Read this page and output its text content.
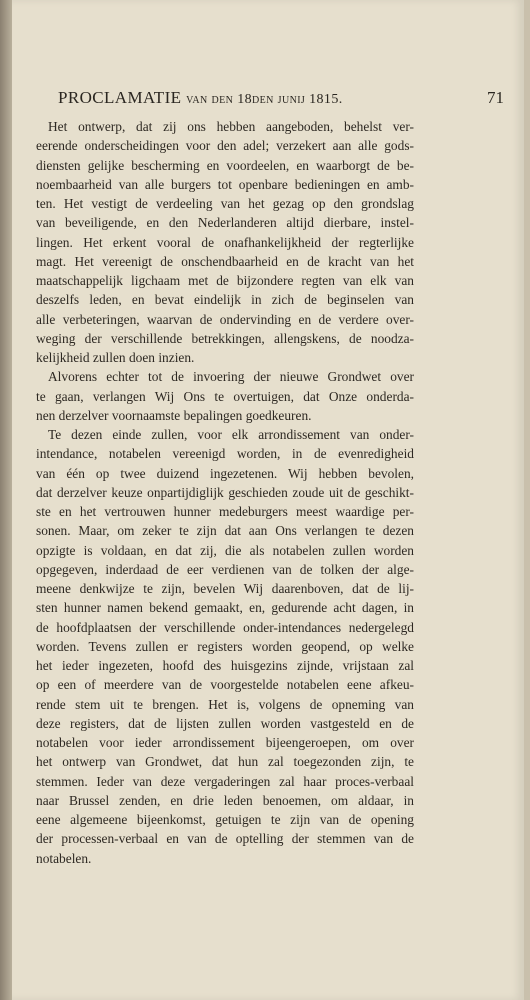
PROCLAMATIE van den 18den junij 1815.	71
Het ontwerp, dat zij ons hebben aangeboden, behelst ver-
eerende onderscheidingen voor den adel; verzekert aan alle gods-
diensten gelijke bescherming en voordeelen, en waarborgt de be-
noembaarheid van alle burgers tot openbare bedieningen en amb-
ten. Het vestigt de verdeeling van het gezag op den grondslag
van beveiligende, en den Nederlanderen altijd dierbare, instel-
lingen. Het erkent vooral de onafhankelijkheid der regterlijke
magt. Het vereenigt de onschendbaarheid en de kracht van het
maatschappelijk ligchaam met de bijzondere regten van elk van
deszelfs leden, en bevat eindelijk in zich de beginselen van
alle verbeteringen, waarvan de ondervinding en de verdere over-
weging der verschillende betrekkingen, allengskens, de noodza-
kelijkheid zullen doen inzien.
Alvorens echter tot de invoering der nieuwe Grondwet over
te gaan, verlangen Wij Ons te overtuigen, dat Onze onderda-
nen derzelver voornaamste bepalingen goedkeuren.
Te dezen einde zullen, voor elk arrondissement van onder-
intendance, notabelen vereenigd worden, in de evenredigheid
van één op twee duizend ingezetenen. Wij hebben bevolen,
dat derzelver keuze onpartijdiglijk geschieden zoude uit de geschikt-
ste en het vertrouwen hunner medeburgers meest waardige per-
sonen. Maar, om zeker te zijn dat aan Ons verlangen te dezen
opzigte is voldaan, en dat zij, die als notabelen zullen worden
opgegeven, inderdaad de eer verdienen van de tolken der alge-
meene denkwijze te zijn, bevelen Wij daarenboven, dat de lij-
sten hunner namen bekend gemaakt, en, gedurende acht dagen, in
de hoofdplaatsen der verschillende onder-intendances nedergelegd
worden. Tevens zullen er registers worden geopend, op welke
het ieder ingezeten, hoofd des huisgezins zijnde, vrijstaan zal
op een of meerdere van de voorgestelde notabelen eene afkeu-
rende stem uit te brengen. Het is, volgens de opneming van
deze registers, dat de lijsten zullen worden vastgesteld en de
notabelen voor ieder arrondissement bijeengeroepen, om over
het ontwerp van Grondwet, dat hun zal toegezonden zijn, te
stemmen. Ieder van deze vergaderingen zal haar proces-verbaal
naar Brussel zenden, en drie leden benoemen, om aldaar, in
eene algemeene bijeenkomst, getuigen te zijn van de opening
der processen-verbaal en van de optelling der stemmen van de
notabelen.
